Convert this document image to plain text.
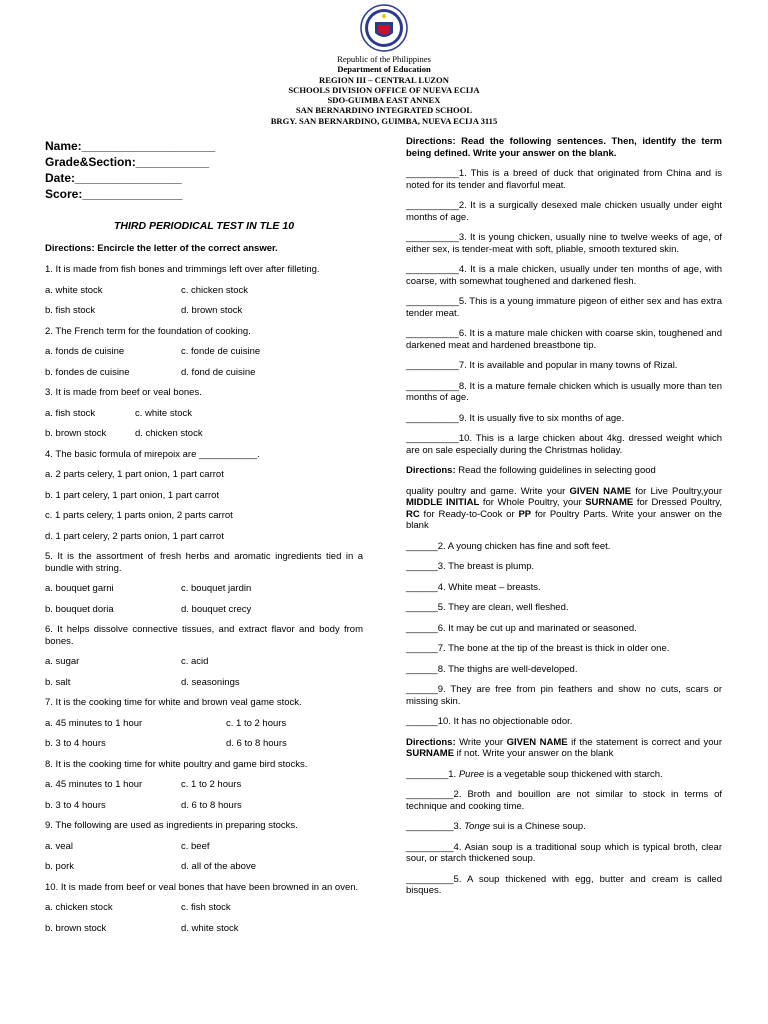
Republic of the Philippines
Department of Education
REGION III – CENTRAL LUZON
SCHOOLS DIVISION OFFICE OF NUEVA ECIJA
SDO-GUIMBA EAST ANNEX
SAN BERNARDINO INTEGRATED SCHOOL
BRGY. SAN BERNARDINO, GUIMBA, NUEVA ECIJA 3115
Name:____________________
Grade&Section:___________
Date:________________
Score:_______________
THIRD PERIODICAL TEST IN TLE 10
Directions: Encircle the letter of the correct answer.
1. It is made from fish bones and trimmings left over after filleting.
a. white stock	c. chicken stock
b. fish stock	d. brown stock
2. The French term for the foundation of cooking.
a. fonds de cuisine	c. fonde de cuisine
b. fondes de cuisine	d. fond de cuisine
3. It is made from beef or veal bones.
a. fish stock	c. white stock
b. brown stock	d. chicken stock
4. The basic formula of mirepoix are ___________.
a. 2 parts celery, 1 part onion, 1 part carrot
b. 1 part celery, 1 part onion, 1 part carrot
c. 1 parts celery, 1 parts onion, 2 parts carrot
d. 1 part celery, 2 parts onion, 1 part carrot
5. It is the assortment of fresh herbs and aromatic ingredients tied in a bundle with string.
a. bouquet garni	c. bouquet jardin
b. bouquet doria	d. bouquet crecy
6. It helps dissolve connective tissues, and extract flavor and body from bones.
a. sugar	c. acid
b. salt	d. seasonings
7. It is the cooking time for white and brown veal game stock.
a. 45 minutes to 1 hour	c. 1 to 2 hours
b. 3 to 4 hours	d. 6 to 8 hours
8. It is the cooking time for white poultry and game bird stocks.
a. 45 minutes to 1 hour	c. 1 to 2 hours
b. 3 to 4 hours	d. 6 to 8 hours
9. The following are used as ingredients in preparing stocks.
a. veal	c. beef
b. pork	d. all of the above
10. It is made from beef or veal bones that have been browned in an oven.
a. chicken stock	c. fish stock
b. brown stock	d. white stock
Directions: Read the following sentences. Then, identify the term being defined. Write your answer on the blank.
__________1. This is a breed of duck that originated from China and is noted for its tender and flavorful meat.
__________2. It is a surgically desexed male chicken usually under eight months of age.
__________3. It is young chicken, usually nine to twelve weeks of age, of either sex, is tender-meat with soft, pliable, smooth textured skin.
__________4. It is a male chicken, usually under ten months of age, with coarse, with somewhat toughened and darkened flesh.
__________5. This is a young immature pigeon of either sex and has extra tender meat.
__________6. It is a mature male chicken with coarse skin, toughened and darkened meat and hardened breastbone tip.
__________7. It is available and popular in many towns of Rizal.
__________8. It is a mature female chicken which is usually more than ten months of age.
__________9. It is usually five to six months of age.
__________10. This is a large chicken about 4kg. dressed weight which are on sale especially during the Christmas holiday.
Directions: Read the following guidelines in selecting good
quality poultry and game. Write your GIVEN NAME for Live Poultry,your MIDDLE INITIAL for Whole Poultry, your SURNAME for Dressed Poultry, RC for Ready-to-Cook or PP for Poultry Parts. Write your answer on the blank
______2. A young chicken has fine and soft feet.
______3. The breast is plump.
______4. White meat – breasts.
______5. They are clean, well fleshed.
______6. It may be cut up and marinated or seasoned.
______7. The bone at the tip of the breast is thick in older one.
______8. The thighs are well-developed.
______9. They are free from pin feathers and show no cuts, scars or missing skin.
______10. It has no objectionable odor.
Directions: Write your GIVEN NAME if the statement is correct and your SURNAME if not. Write your answer on the blank
________1. Puree is a vegetable soup thickened with starch.
_________2. Broth and bouillon are not similar to stock in terms of technique and cooking time.
_________3. Tonge sui is a Chinese soup.
_________4. Asian soup is a traditional soup which is typical broth, clear sour, or starch thickened soup.
_________5. A soup thickened with egg, butter and cream is called bisques.
